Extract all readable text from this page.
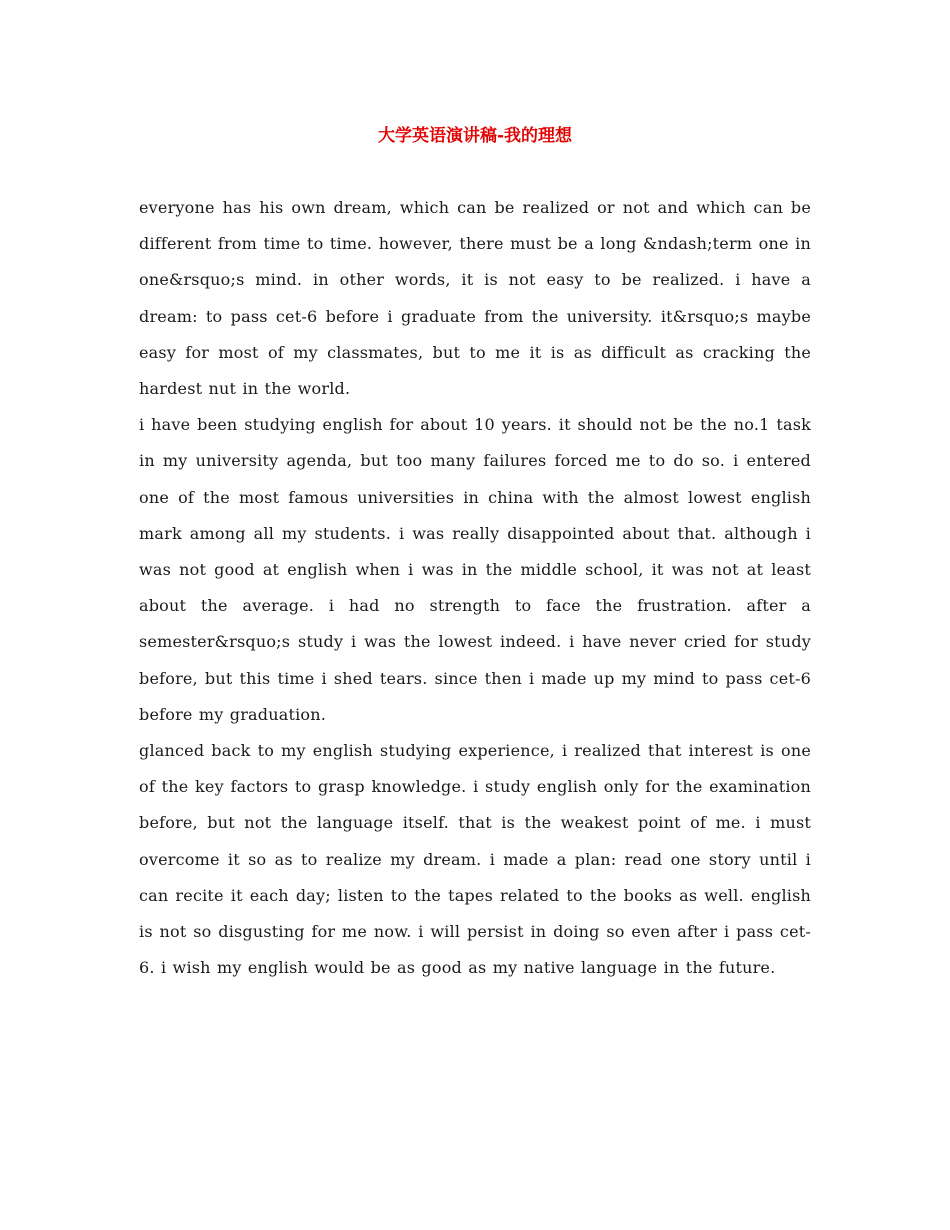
大学英语演讲稿-我的理想

everyone has his own dream, which can be realized or not and which can be different from time to time. however, there must be a long &ndash;term one in one&rsquo;s mind. in other words, it is not easy to be realized. i have a dream: to pass cet-6 before i graduate from the university. it&rsquo;s maybe easy for most of my classmates, but to me it is as difficult as cracking the hardest nut in the world.

i have been studying english for about 10 years. it should not be the no.1 task in my university agenda, but too many failures forced me to do so. i entered one of the most famous universities in china with the almost lowest english mark among all my students. i was really disappointed about that. although i was not good at english when i was in the middle school, it was not at least about the average. i had no strength to face the frustration. after a semester&rsquo;s study i was the lowest indeed. i have never cried for study before, but this time i shed tears. since then i made up my mind to pass cet-6 before my graduation.

glanced back to my english studying experience, i realized that interest is one of the key factors to grasp knowledge. i study english only for the examination before, but not the language itself. that is the weakest point of me. i must overcome it so as to realize my dream. i made a plan: read one story until i can recite it each day; listen to the tapes related to the books as well. english is not so disgusting for me now. i will persist in doing so even after i pass cet-6. i wish my english would be as good as my native language in the future.
